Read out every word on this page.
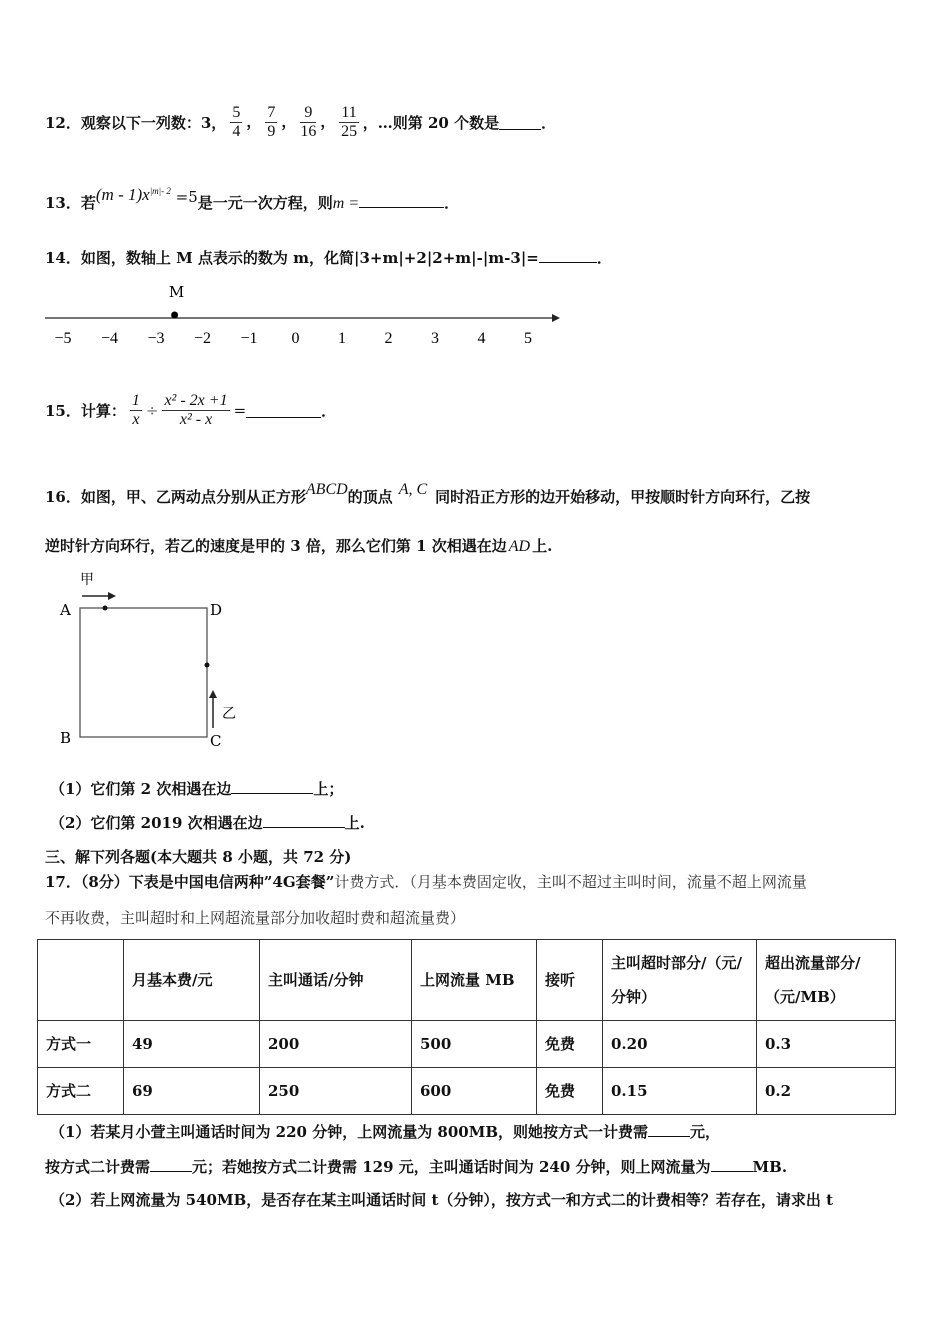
12．观察以下一列数：3， $\frac{5}{4}$ ， $\frac{7}{9}$ ， $\frac{9}{16}$ ， $\frac{11}{25}$ ，…则第 20 个数是	．
13．若$(m - 1)x^{|m|- 2} =5$是一元一次方程，则m =	．
14．如图，数轴上 M 点表示的数为 m，化简|3+m|+2|2+m|-|m-3|=	．
−5 −4 −3 −2 −1 0 1 2 3 4 5
M
15．计算： $\frac{1}{x} \div \frac{\text{x² - 2x +1}}{\text{x² - x}}$ =	．
16．如图，甲、乙两动点分别从正方形ABCD的顶点 A, C 同时沿正方形的边开始移动，甲按顺时针方向环行，乙按
逆时针方向环行，若乙的速度是甲的 3 倍，那么它们第 1 次相遇在边 AD 上.
甲
乙
A	D
B	C
（1）它们第 2 次相遇在边	上；
（2）它们第 2019 次相遇在边	上.
三、解下列各题(本大题共 8 小题，共 72 分)
17．（8分）下表是中国电信两种”4G套餐”计费方式．（月基本费固定收，主叫不超过主叫时间，流量不超上网流量
不再收费，主叫超时和上网超流量部分加收超时费和超流量费）
	月基本费/元	主叫通话/分钟	上网流量 MB	接听	主叫超时部分/（元/分钟）	超出流量部分/（元/MB）
方式一	49	200	500	免费	0.20	0.3
方式二	69	250	600	免费	0.15	0.2
（1）若某月小萱主叫通话时间为 220 分钟，上网流量为 800MB，则她按方式一计费需	元，
按方式二计费需	元；若她按方式二计费需 129 元，主叫通话时间为 240 分钟，则上网流量为	MB.
（2）若上网流量为 540MB，是否存在某主叫通话时间 t（分钟），按方式一和方式二的计费相等？若存在，请求出 t
